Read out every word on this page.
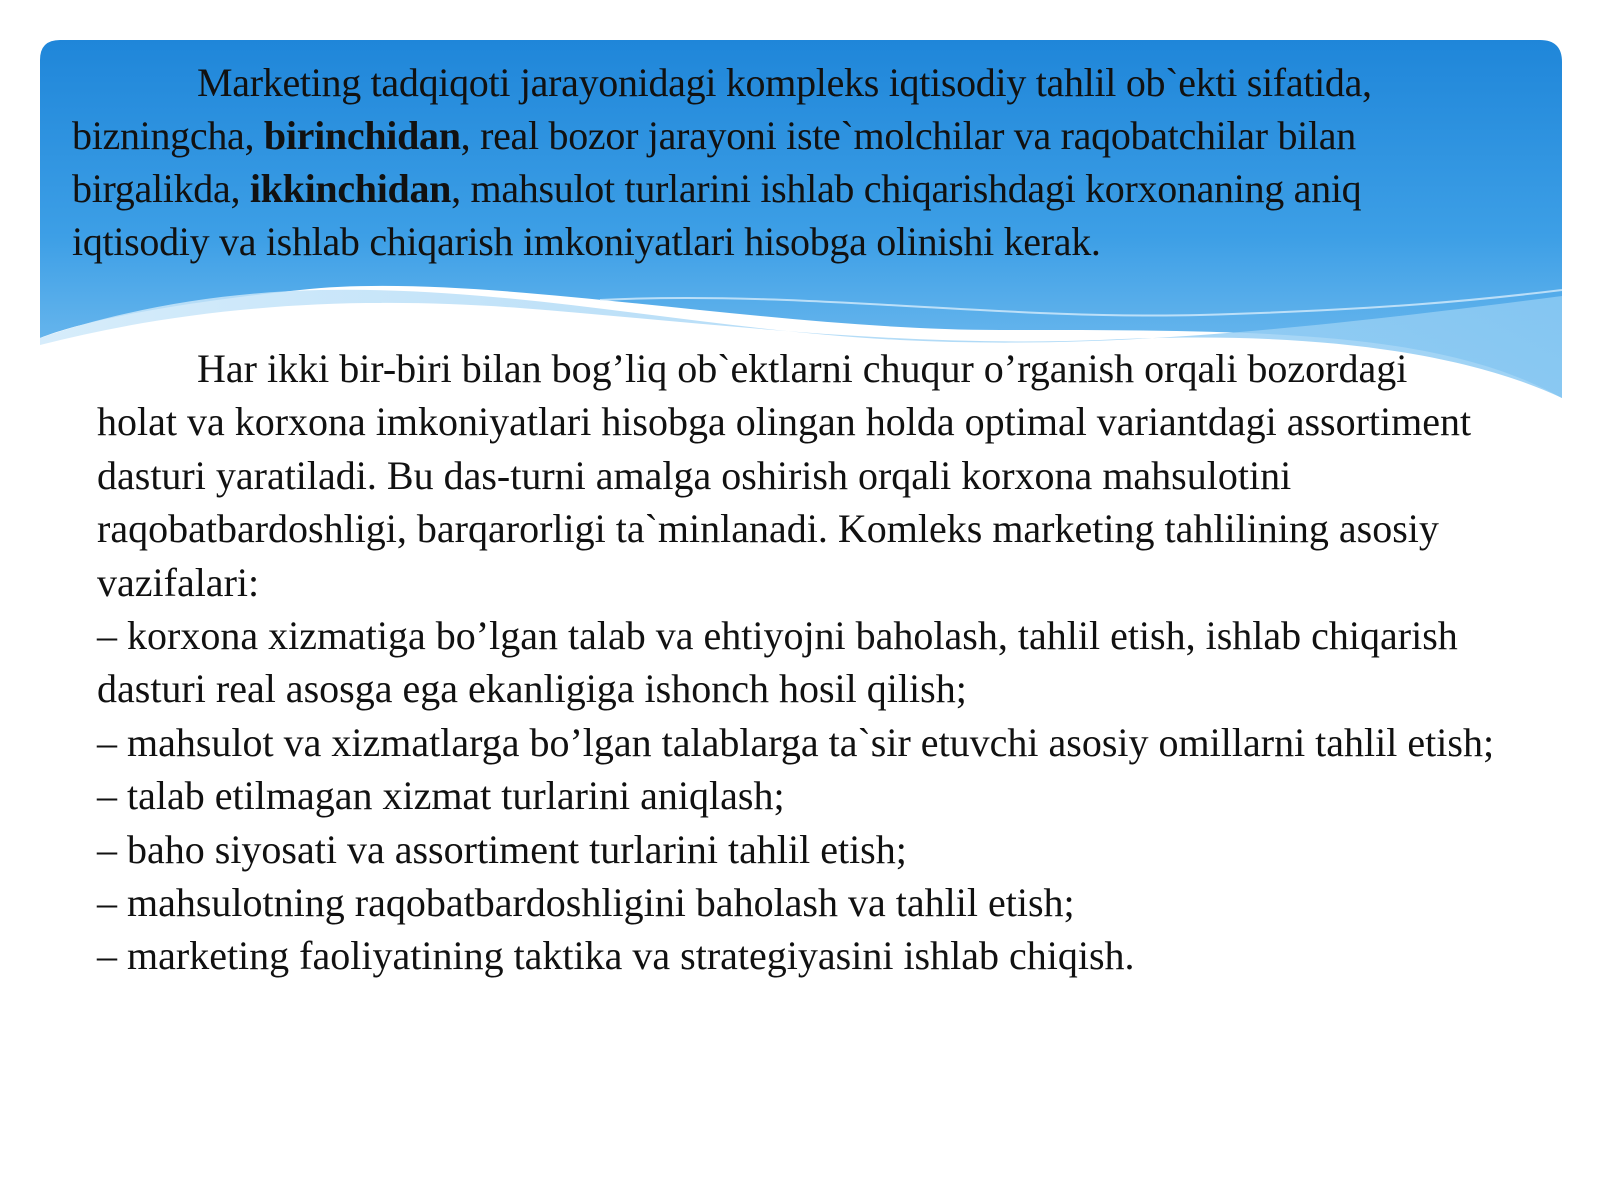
Marketing tadqiqoti jarayonidagi kompleks iqtisodiy tahlil ob`ekti sifatida, bizningcha, birinchidan, real bozor jarayoni iste`molchilar va raqobatchilar bilan birgalikda, ikkinchidan, mahsulot turlarini ishlab chiqarishdagi korxonaning aniq iqtisodiy va ishlab chiqarish imkoniyatlari hisobga olinishi kerak.

Har ikki bir-biri bilan bog’liq ob`ektlarni chuqur o’rganish orqali bozordagi holat va korxona imkoniyatlari hisobga olingan holda optimal variantdagi assortiment dasturi yaratiladi. Bu das-turni amalga oshirish orqali korxona mahsulotini raqobatbardoshligi, barqarorligi ta`minlanadi. Komleks marketing tahlilining asosiy vazifalari:

– korxona xizmatiga bo’lgan talab va ehtiyojni baholash, tahlil etish, ishlab chiqarish dasturi real asosga ega ekanligiga ishonch hosil qilish;
– mahsulot va xizmatlarga bo’lgan talablarga ta`sir etuvchi asosiy omillarni tahlil etish;
– talab etilmagan xizmat turlarini aniqlash;
– baho siyosati va assortiment turlarini tahlil etish;
– mahsulotning raqobatbardoshligini baholash va tahlil etish;
– marketing faoliyatining taktika va strategiyasini ishlab chiqish.
